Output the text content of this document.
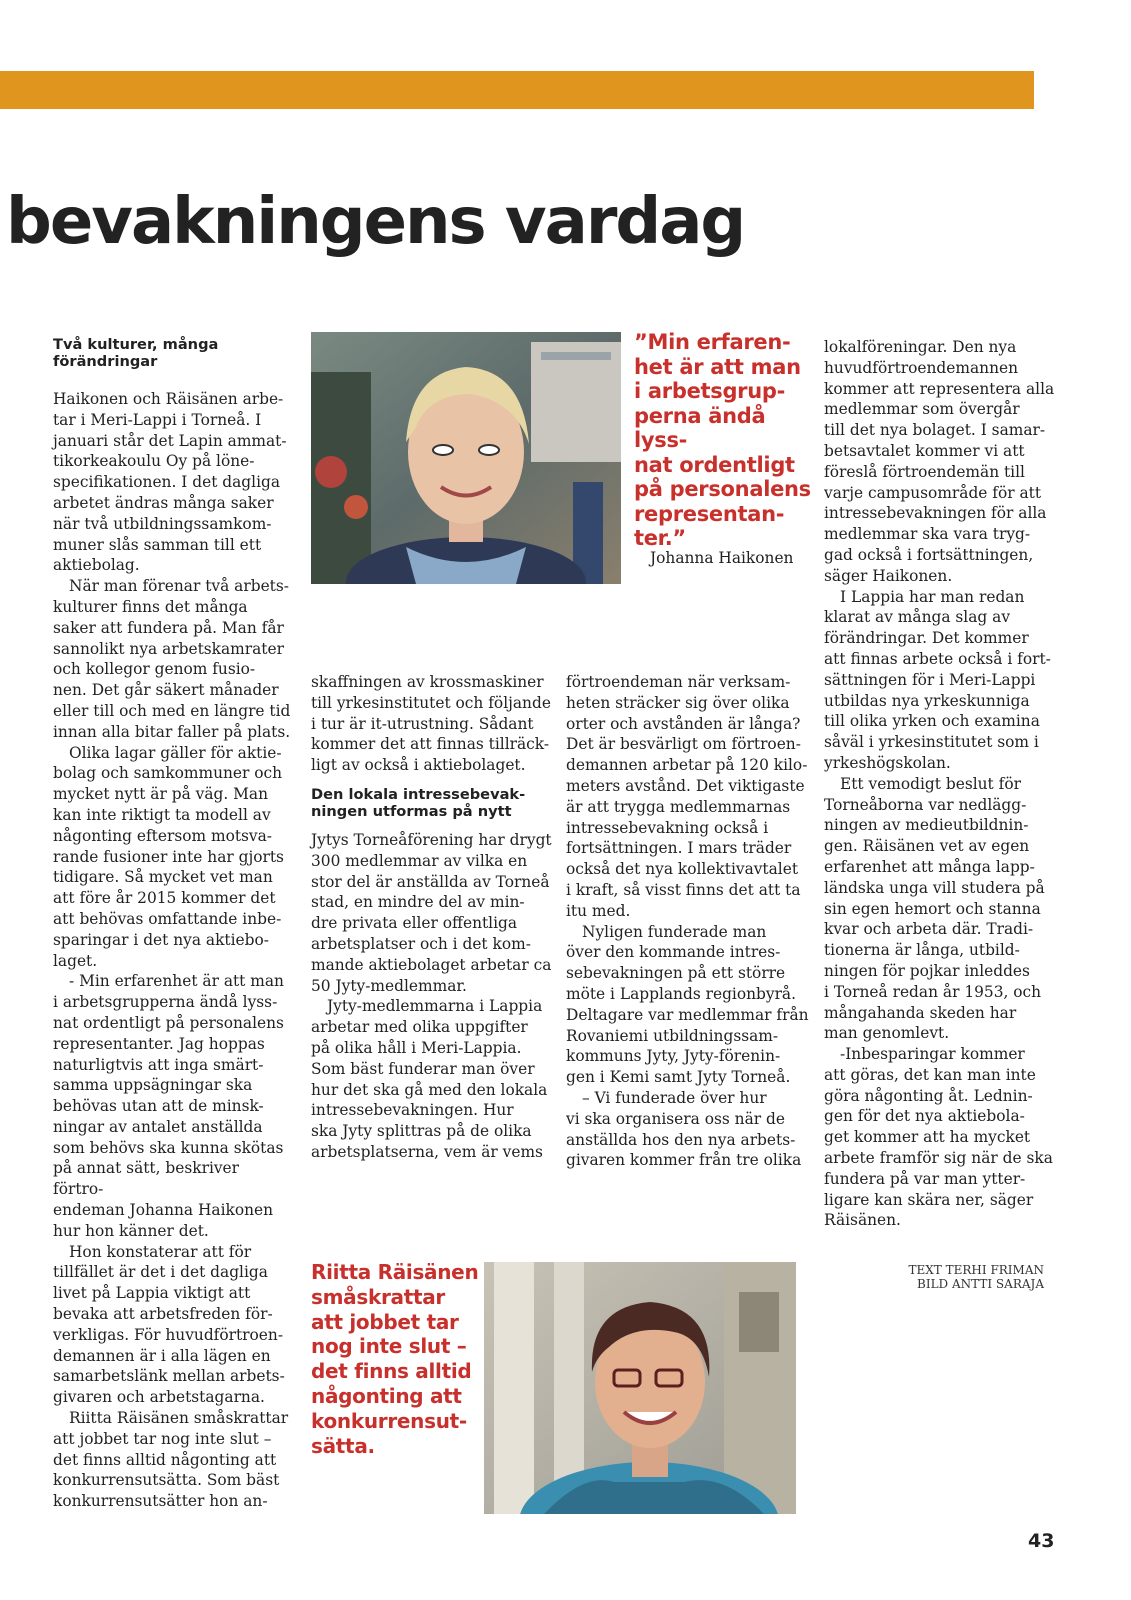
bevakningens vardag
Två kulturer, många
förändringar

Haikonen och Räisänen arbe-
tar i Meri-Lappi i Torneå. I
januari står det Lapin ammat-
tikorkeakoulu Oy på löne-
specifikationen. I det dagliga
arbetet ändras många saker
när två utbildningssamkom-
muner slås samman till ett
aktiebolag.

När man förenar två arbets-
kulturer finns det många
saker att fundera på. Man får
sannolikt nya arbetskamrater
och kollegor genom fusio-
nen. Det går säkert månader
eller till och med en längre tid
innan alla bitar faller på plats.

Olika lagar gäller för aktie-
bolag och samkommuner och
mycket nytt är på väg. Man
kan inte riktigt ta modell av
någonting eftersom motsva-
rande fusioner inte har gjorts
tidigare. Så mycket vet man
att före år 2015 kommer det
att behövas omfattande inbe-
sparingar i det nya aktiebo-
laget.

- Min erfarenhet är att man
i arbetsgrupperna ändå lyss-
nat ordentligt på personalens
representanter. Jag hoppas
naturligtvis att inga smärt-
samma uppsägningar ska
behövas utan att de minsk-
ningar av antalet anställda
som behövs ska kunna skötas
på annat sätt, beskriver förtro-
endeman Johanna Haikonen
hur hon känner det.

Hon konstaterar att för
tillfället är det i det dagliga
livet på Lappia viktigt att
bevaka att arbetsfreden för-
verkligas. För huvudförtroen-
demannen är i alla lägen en
samarbetslänk mellan arbets-
givaren och arbetstagarna.

Riitta Räisänen småskrattar
att jobbet tar nog inte slut –
det finns alltid någonting att
konkurrensutsätta. Som bäst
konkurrensutsätter hon an-

”Min erfaren-
het är att man
i arbetsgrup-
perna ändå lyss-
nat ordentligt
på personalens
representan-
ter.”

Johanna Haikonen

skaffningen av krossmaskiner
till yrkesinstitutet och följande
i tur är it-utrustning. Sådant
kommer det att finnas tillräck-
ligt av också i aktiebolaget.

Den lokala intressebevak-
ningen utformas på nytt

Jytys Torneåförening har drygt
300 medlemmar av vilka en
stor del är anställda av Torneå
stad, en mindre del av min-
dre privata eller offentliga
arbetsplatser och i det kom-
mande aktiebolaget arbetar ca
50 Jyty-medlemmar.

Jyty-medlemmarna i Lappia
arbetar med olika uppgifter
på olika håll i Meri-Lappia.
Som bäst funderar man över
hur det ska gå med den lokala
intressebevakningen. Hur
ska Jyty splittras på de olika
arbetsplatserna, vem är vems

förtroendeman när verksam-
heten sträcker sig över olika
orter och avstånden är långa?
Det är besvärligt om förtroen-
demannen arbetar på 120 kilo-
meters avstånd. Det viktigaste
är att trygga medlemmarnas
intressebevakning också i
fortsättningen. I mars träder
också det nya kollektivavtalet
i kraft, så visst finns det att ta
itu med.

Nyligen funderade man
över den kommande intres-
sebevakningen på ett större
möte i Lapplands regionbyrå.
Deltagare var medlemmar från
Rovaniemi utbildningssam-
kommuns Jyty, Jyty-förenin-
gen i Kemi samt Jyty Torneå.

– Vi funderade över hur
vi ska organisera oss när de
anställda hos den nya arbets-
givaren kommer från tre olika

lokalföreningar. Den nya
huvudförtroendemannen
kommer att representera alla
medlemmar som övergår
till det nya bolaget. I samar-
betsavtalet kommer vi att
föreslå förtroendemän till
varje campusområde för att
intressebevakningen för alla
medlemmar ska vara tryg-
gad också i fortsättningen,
säger Haikonen.

I Lappia har man redan
klarat av många slag av
förändringar. Det kommer
att finnas arbete också i fort-
sättningen för i Meri-Lappi
utbildas nya yrkeskunniga
till olika yrken och examina
såväl i yrkesinstitutet som i
yrkeshögskolan.

Ett vemodigt beslut för
Torneåborna var nedlägg-
ningen av medieutbildnin-
gen. Räisänen vet av egen
erfarenhet att många lapp-
ländska unga vill studera på
sin egen hemort och stanna
kvar och arbeta där. Tradi-
tionerna är långa, utbild-
ningen för pojkar inleddes
i Torneå redan år 1953, och
mångahanda skeden har
man genomlevt.

-Inbesparingar kommer
att göras, det kan man inte
göra någonting åt. Lednin-
gen för det nya aktiebola-
get kommer att ha mycket
arbete framför sig när de ska
fundera på var man ytter-
ligare kan skära ner, säger
Räisänen.

TEXT TERHI FRIMAN

BILD ANTTI SARAJA

Riitta Räisänen
småskrattar
att jobbet tar
nog inte slut –
det finns alltid
någonting att
konkurrensut-
sätta.

43
